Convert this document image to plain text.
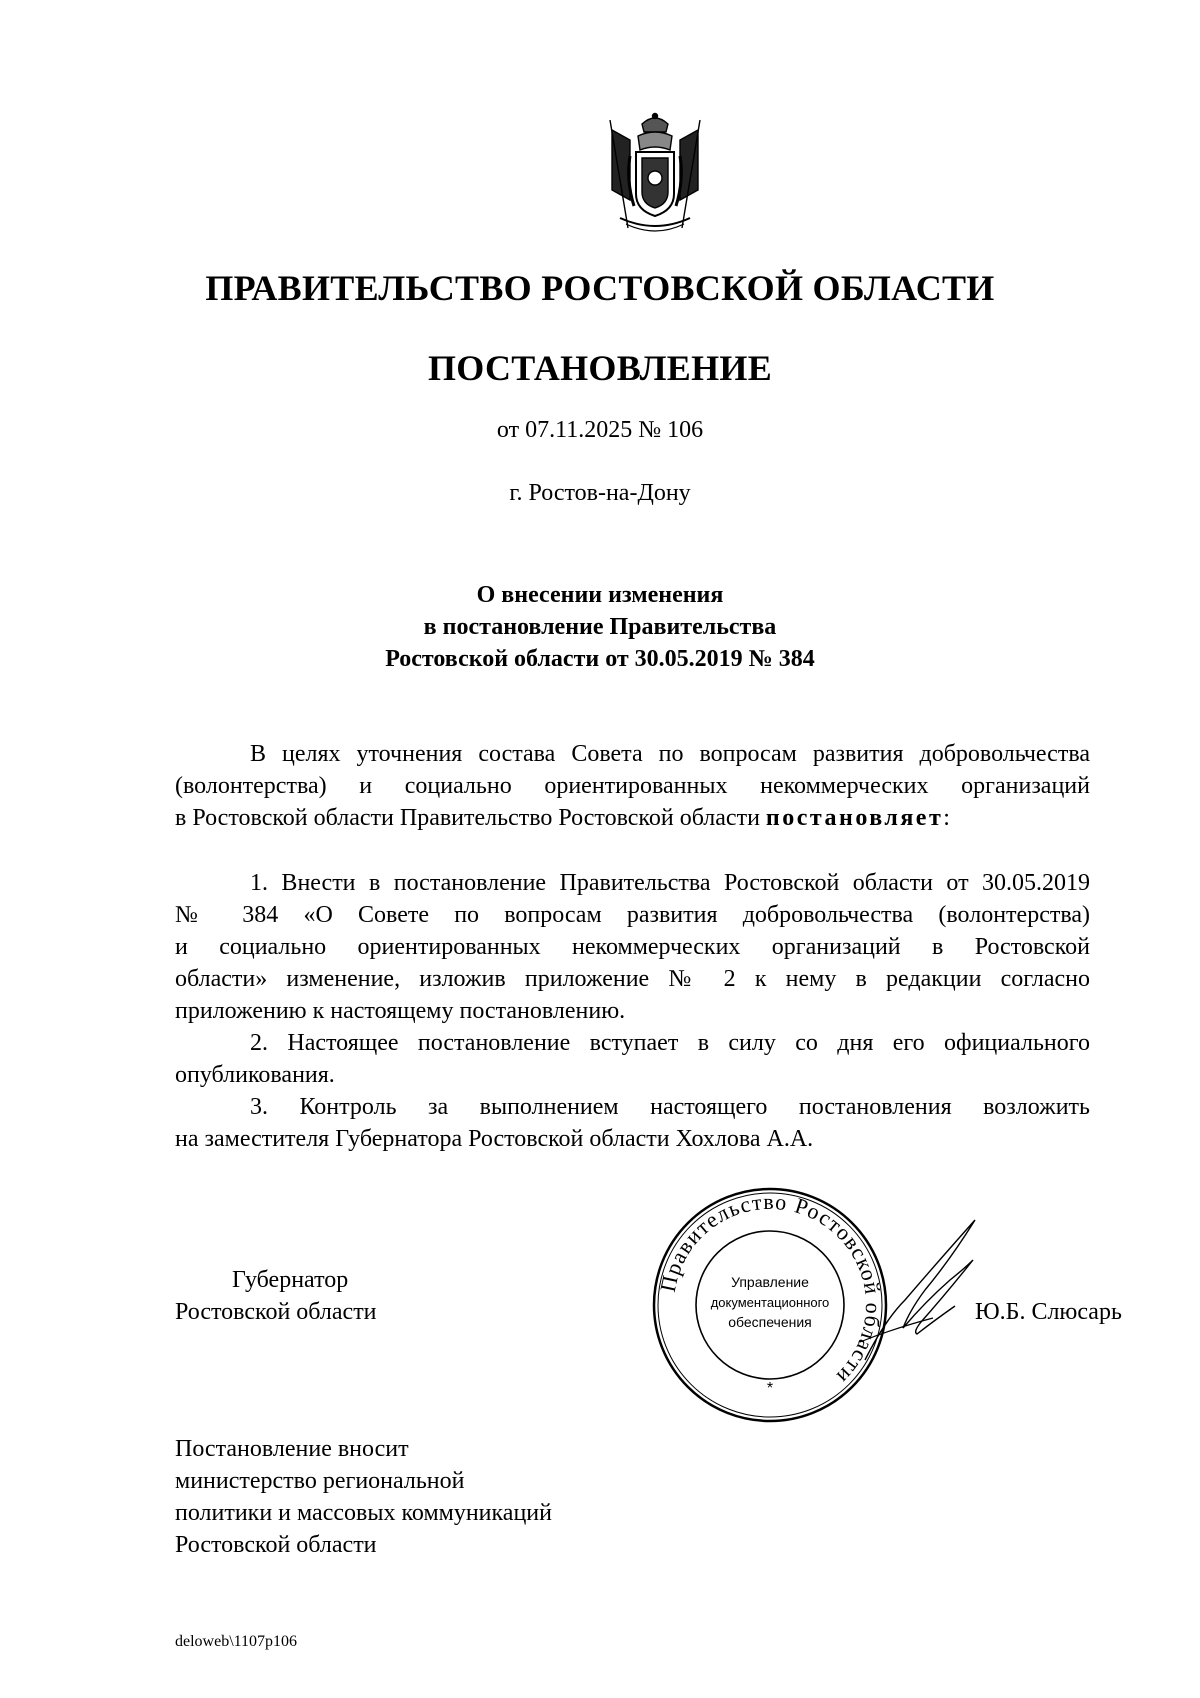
ПРАВИТЕЛЬСТВО РОСТОВСКОЙ ОБЛАСТИ
ПОСТАНОВЛЕНИЕ
от 07.11.2025 № 106
г. Ростов-на-Дону
О внесении изменения
в постановление Правительства
Ростовской области от 30.05.2019 № 384
В целях уточнения состава Совета по вопросам развития добровольчества
(волонтерства) и социально ориентированных некоммерческих организаций
в Ростовской области Правительство Ростовской области постановляет:
1. Внести в постановление Правительства Ростовской области от 30.05.2019
№ 384 «О Совете по вопросам развития добровольчества (волонтерства)
и социально ориентированных некоммерческих организаций в Ростовской
области» изменение, изложив приложение № 2 к нему в редакции согласно
приложению к настоящему постановлению.
2. Настоящее постановление вступает в силу со дня его официального
опубликования.
3. Контроль за выполнением настоящего постановления возложить
на заместителя Губернатора Ростовской области Хохлова А.А.
Губернатор
Ростовской области
Правительство Ростовской области
Управление
документационного
обеспечения
*
Ю.Б. Слюсарь
Постановление вносит
министерство региональной
политики и массовых коммуникаций
Ростовской области
deloweb\1107p106
